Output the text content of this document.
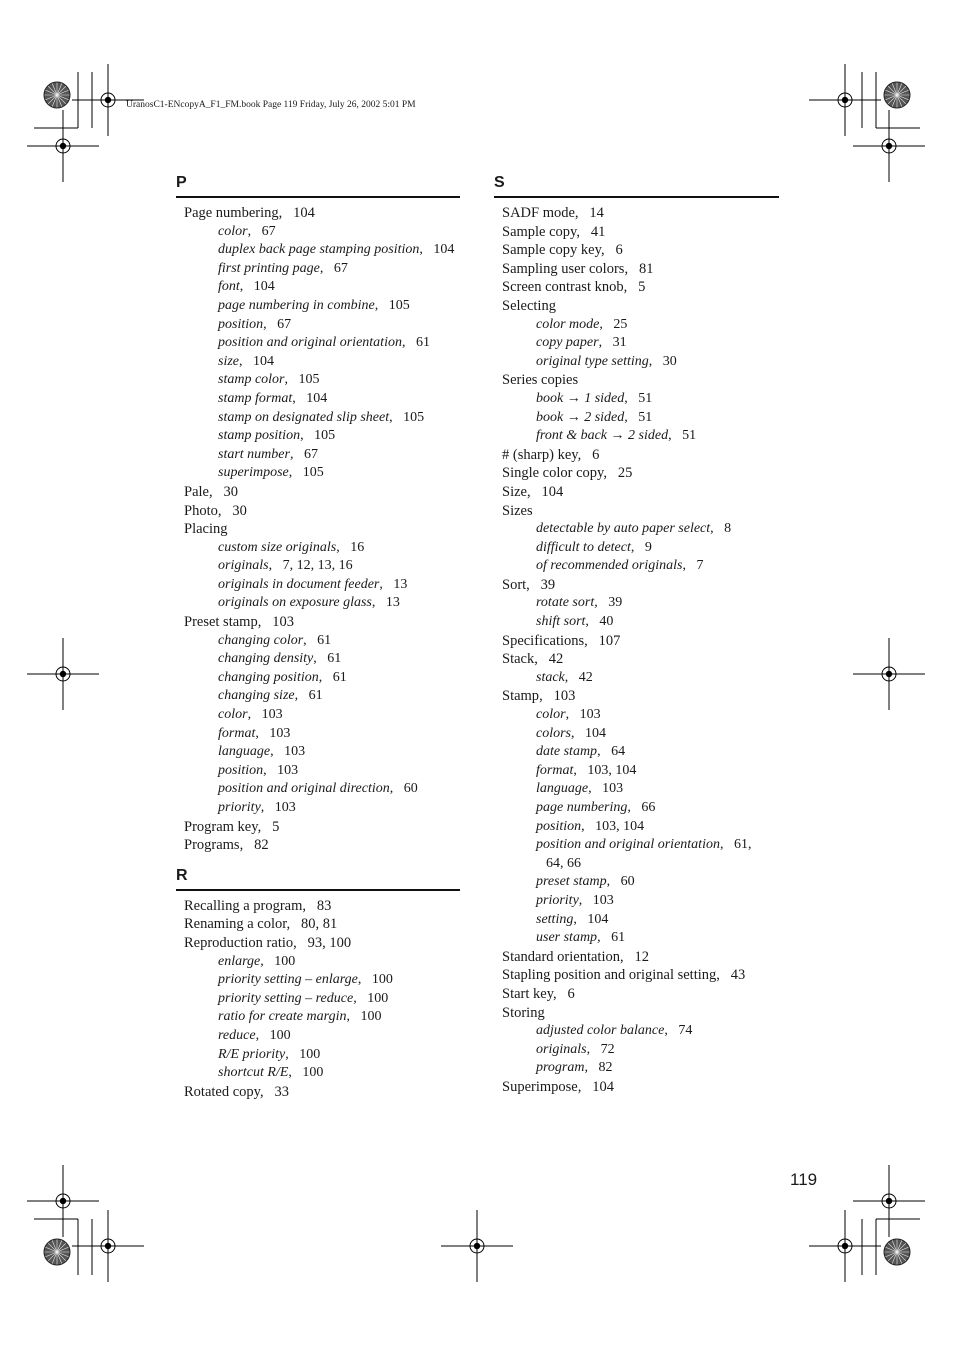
UranosC1-ENcopyA_F1_FM.book Page 119 Friday, July 26, 2002 5:01 PM
P
Page numbering,   104
color,   67
duplex back page stamping position,   104
first printing page,   67
font,   104
page numbering in combine,   105
position,   67
position and original orientation,   61
size,   104
stamp color,   105
stamp format,   104
stamp on designated slip sheet,   105
stamp position,   105
start number,   67
superimpose,   105
Pale,   30
Photo,   30
Placing
custom size originals,   16
originals,   7, 12, 13, 16
originals in document feeder,   13
originals on exposure glass,   13
Preset stamp,   103
changing color,   61
changing density,   61
changing position,   61
changing size,   61
color,   103
format,   103
language,   103
position,   103
position and original direction,   60
priority,   103
Program key,   5
Programs,   82
R
Recalling a program,   83
Renaming a color,   80, 81
Reproduction ratio,   93, 100
enlarge,   100
priority setting – enlarge,   100
priority setting – reduce,   100
ratio for create margin,   100
reduce,   100
R/E priority,   100
shortcut R/E,   100
Rotated copy,   33
S
SADF mode,   14
Sample copy,   41
Sample copy key,   6
Sampling user colors,   81
Screen contrast knob,   5
Selecting
color mode,   25
copy paper,   31
original type setting,   30
Series copies
book → 1 sided,   51
book → 2 sided,   51
front & back → 2 sided,   51
# (sharp) key,   6
Single color copy,   25
Size,   104
Sizes
detectable by auto paper select,   8
difficult to detect,   9
of recommended originals,   7
Sort,   39
rotate sort,   39
shift sort,   40
Specifications,   107
Stack,   42
stack,   42
Stamp,   103
color,   103
colors,   104
date stamp,   64
format,   103, 104
language,   103
page numbering,   66
position,   103, 104
position and original orientation,   61,
64, 66
preset stamp,   60
priority,   103
setting,   104
user stamp,   61
Standard orientation,   12
Stapling position and original setting,   43
Start key,   6
Storing
adjusted color balance,   74
originals,   72
program,   82
Superimpose,   104
119
